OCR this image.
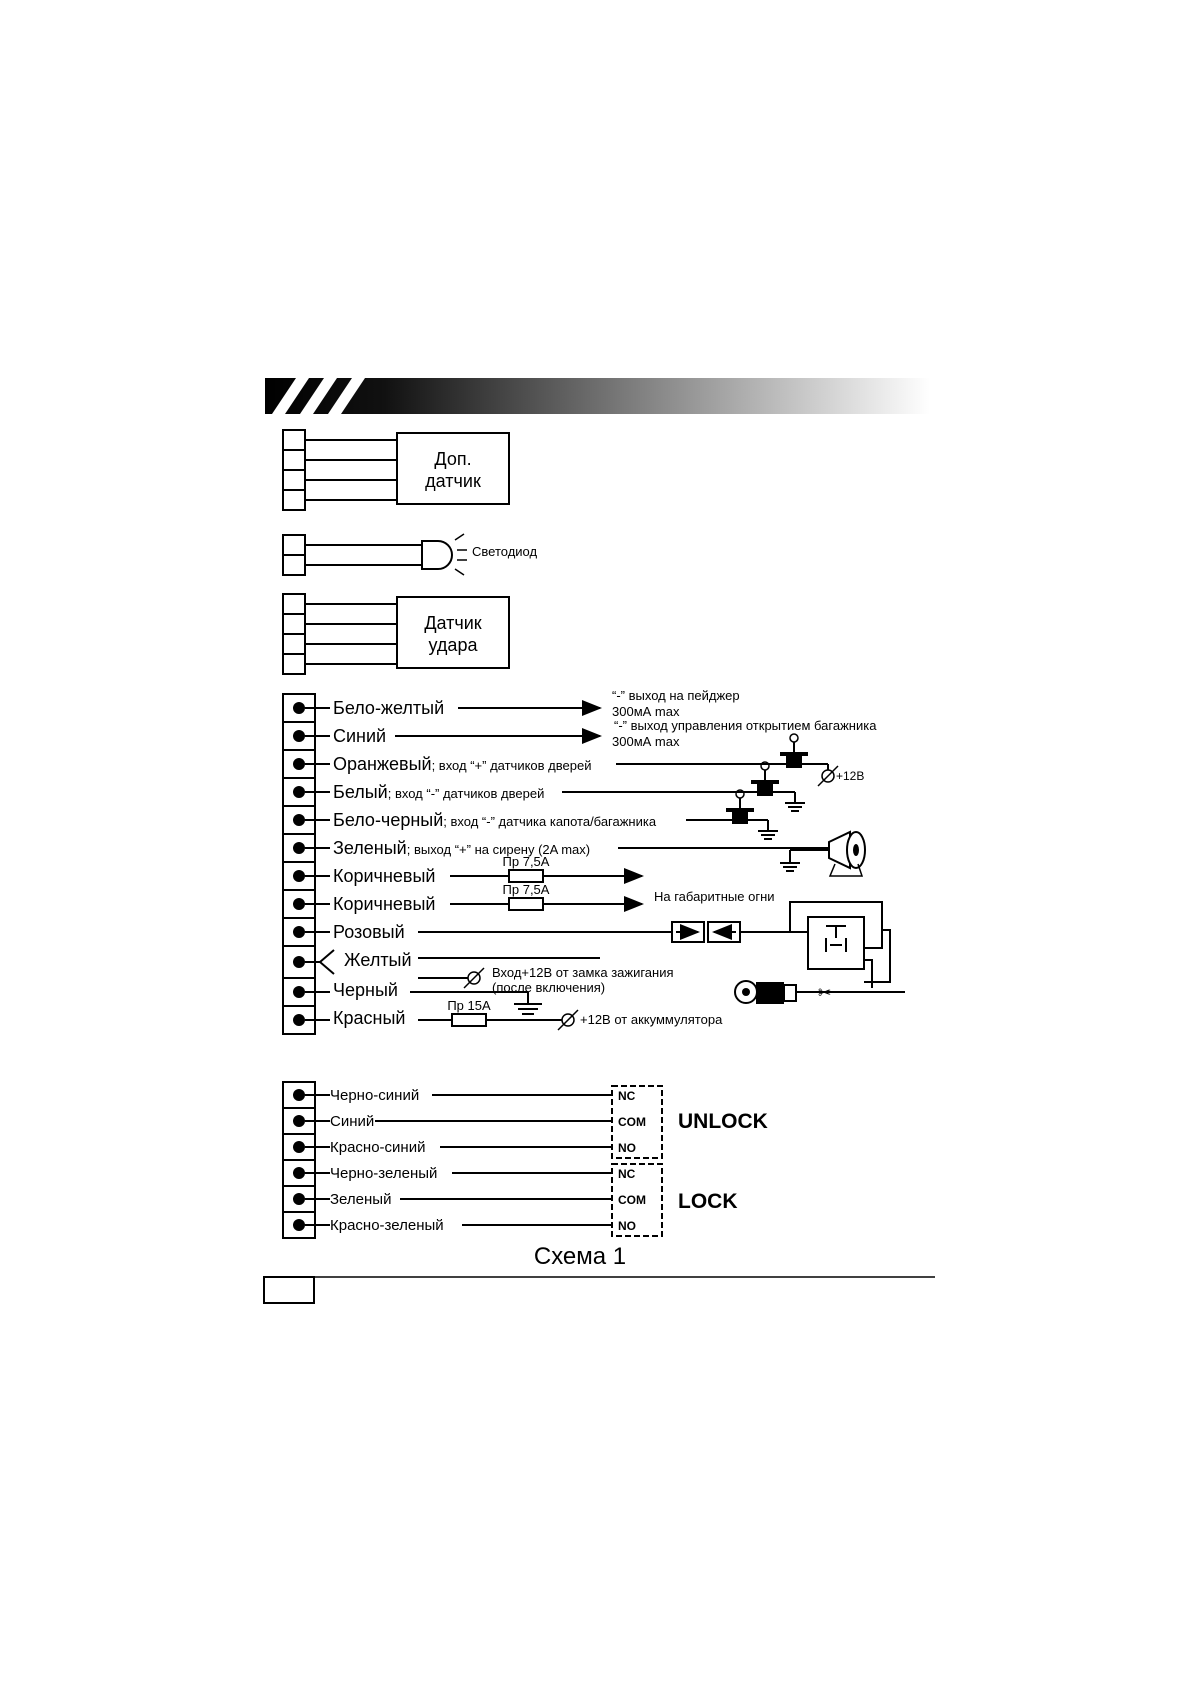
Доп.
датчик
Светодиод
Датчик
удара
Бело-желтый
Синий
Оранжевый; вход “+” датчиков дверей
Белый; вход “-” датчиков дверей
Бело-черный; вход “-” датчика капота/багажника
Зеленый; выход “+” на сирену (2A max)
Коричневый
Коричневый
Розовый
Желтый
Черный
Красный
“-” выход на пейджер
300мА max
“-” выход управления открытием багажника
300мА max
+12В
Пр 7,5А
Пр 7,5А	На габаритные огни
✂
Вход+12В от замка зажигания
(после включения)
Пр 15А
+12В от аккуммулятора
Черно-синий
Синий
Красно-синий
Черно-зеленый
Зеленый
Красно-зеленый
NC
COM
NO
NC
COM
NO
UNLOCK
LOCK
Схема 1
